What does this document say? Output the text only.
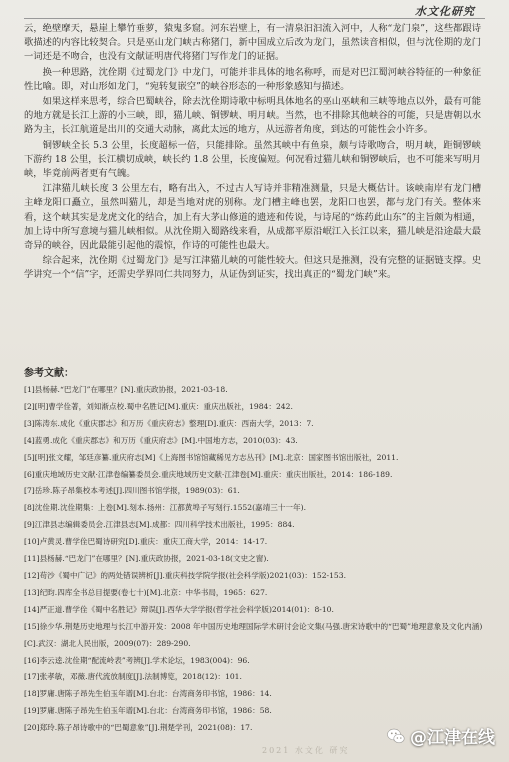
水文化研究

云，绝壁摩天，悬崖上攀竹垂萝，猿鬼多窟。河东岩壁上，有一清泉汩汩流入河中，人称“龙门泉”，这些都跟诗歌描述的内容比较契合。只是巫山龙门峡古称猪门，新中国成立后改为龙门，虽然读音相似，但与沈佺期的龙门一词还是不吻合，也没有文献证明唐代将猪门写作龙门的证据。

换一种思路，沈佺期《过蜀龙门》中龙门，可能并非具体的地名称呼，而是对巴江蜀河峡谷特征的一种象征性比喻。即，对山形如龙门，“宛转复嵌空”的峡谷形态的一种形象感知与描述。

如果这样来思考，综合巴蜀峡谷，除去沈佺期诗歌中标明具体地名的巫山巫峡和三峡等地点以外，最有可能的地方就是长江上游的小三峡，即，猫儿峡、铜锣峡、明月峡。当然，也不排除其他峡谷的可能，只是唐朝以水路为主，长江航道是出川的交通大动脉，离此太远的地方，从远游者角度，到达的可能性会小许多。

铜锣峡全长 5.3 公里，长度超标一倍，只能排除。虽然其峡中有鱼泉，颇与诗歌吻合，明月峡，距铜锣峡下游约 18 公里，长江横切成峡，峡长约 1.8 公里，长度偏短。何况看过猫儿峡和铜锣峡后，也不可能来写明月峡，毕竟前两者更有气魄。

江津猫儿峡长度 3 公里左右，略有出入，不过古人写诗并非精准测量，只是大概估计。该峡南岸有龙门槽主峰龙阳口矗立，虽然叫猫儿，却是当地对虎的别称。龙门槽主峰也罢，龙阳口也罢，都与龙门有关。整体来看，这个峡其实是龙虎文化的结合，加上有大茅山修道的遗迹和传说，与诗尾的“炼药此山东”的主旨颇为相通，加上诗中所写意境与猫儿峡相似。从沈佺期入蜀路线来看，从成都平原沿岷江入长江以来，猫儿峡是沿途最大最奇异的峡谷，因此最能引起他的震惊，作诗的可能性也最大。

综合起来，沈佺期《过蜀龙门》是写江津猫儿峡的可能性较大。但这只是推测，没有完整的证据链支撑。史学讲究一个“信”字，还需史学界同仁共同努力，从证伪到证实，找出真正的“蜀龙门峡”来。

参考文献：
[1]县杨赫.“巴龙门”在哪里？[N].重庆政协报，2021-03-18.
[2][明]曹学佺著，刘知渐点校.蜀中名胜记[M].重庆：重庆出版社，1984：242.
[3]陈涛东.成化《重庆郡志》和万历《重庆府志》整理[D].重庆：西南大学，2013：7.
[4]蓝勇.成化《重庆郡志》和万历《重庆府志》[M].中国地方志，2010(03)：43.
[5][明]张文耀，邹廷彦纂.重庆府志[M]《上海图书馆馆藏稀见方志丛刊》[M].北京：国家图书馆出版社，2011.
[6]重庆地域历史文献·江津卷编纂委员会.重庆地域历史文献·江津卷[M].重庆：重庆出版社，2014：186-189.
[7]岳珍.陈子昂集校本考述[J].四川图书馆学报，1989(03)：61.
[8]沈佺期.沈佺期集：上卷[M].刻本.扬州：江都黄埠子写刻行.1552(嘉靖三十一年).
[9]江津县志编辑委员会.江津县志[M].成都：四川科学技术出版社，1995：884.
[10]卢黄灵.曹学佺巴蜀诗研究[D].重庆：重庆工商大学，2014：14-17.
[11]县杨赫.“巴龙门”在哪里？[N].重庆政协报，2021-03-18(文史之窗).
[12]苟沙《蜀中广记》的两处错误辨析[J].重庆科技学院学报(社会科学版)2021(03)：152-153.
[13]纪昀.四库全书总目提要(卷七十)[M].北京：中华书局，1965：627.
[14]严正道.曹学佺《蜀中名胜记》辩误[J].西华大学学报(哲学社会科学版)2014(01)：8-10.
[15]徐少华.荆楚历史地理与长江中游开发：2008 年中国历史地理国际学术研讨会论文集(马强.唐宋诗歌中的“巴蜀”地理意象及文化内涵)[C].武汉：湖北人民出版，2009(07)：289-290.
[16]李云逵.沈佺期“配流岭表”考辨[J].学术论坛，1983(004)：96.
[17]张孝敏，邓薇.唐代流放制度[J].法制博览，2018(12)：101.
[18]罗庸.唐陈子昂先生伯玉年谱[M].台北：台湾商务印书馆，1986：14.
[19]罗庸.唐陈子昂先生伯玉年谱[M].台北：台湾商务印书馆，1986：58.
[20]郑玲.陈子昂诗歌中的“巴蜀意象”[J].荆楚学刊，2021(08)：17.
2021 水文化 研究
@江津在线
